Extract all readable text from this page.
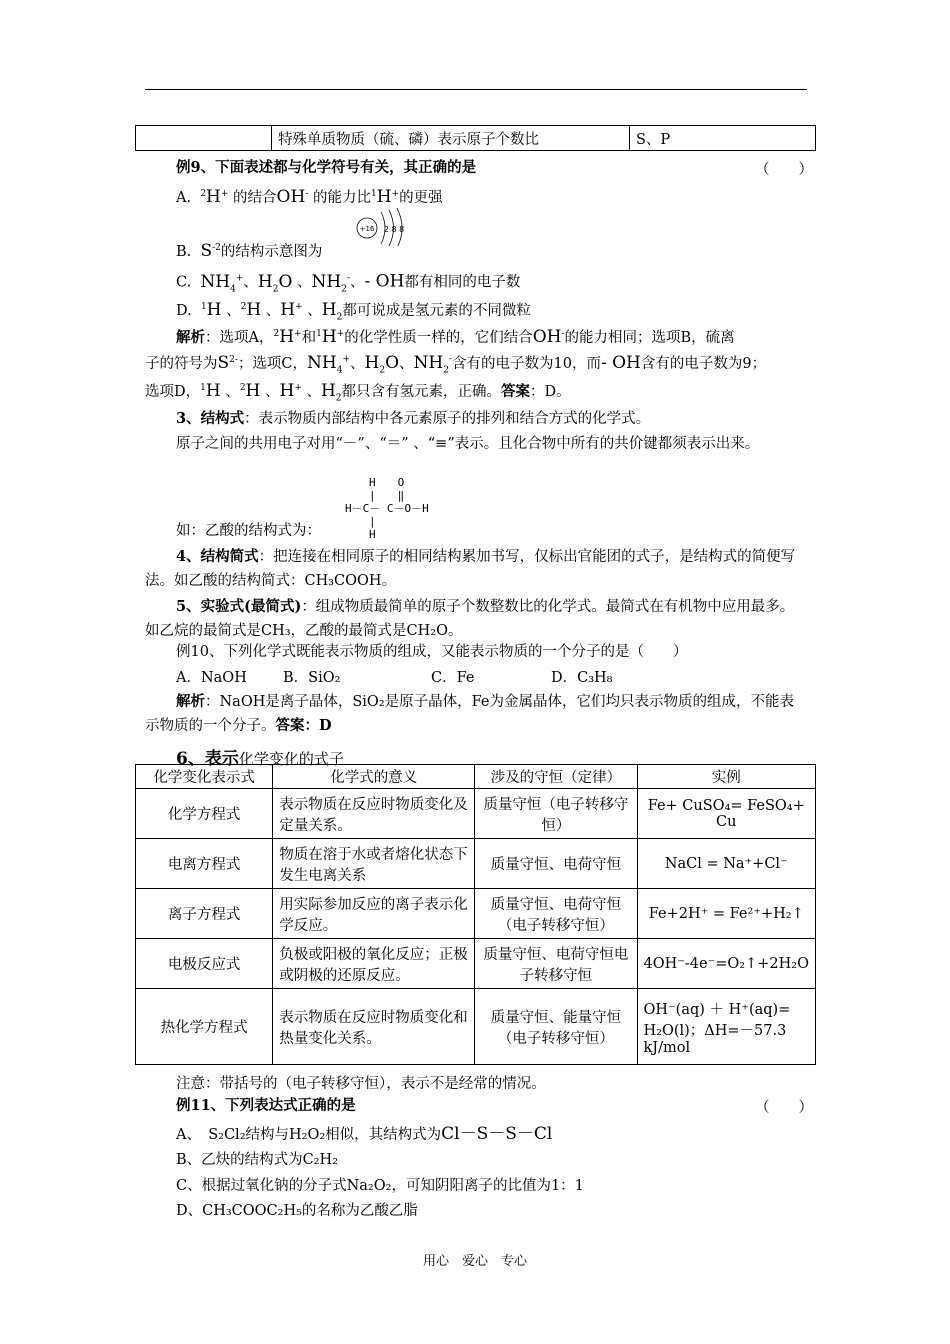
	特殊单质物质（硫、磷）表示原子个数比	S、P
例9、下面表述都与化学符号有关，其正确的是	（　　）
A. $^2$H+ 的结合OH- 的能力比$^1$H+的更强
+16 2 8 8
B. $S^{-2}$的结构示意图为
C. $NH_4^+$、$H_2O$ 、$NH_2^-$、- OH都有相同的电子数
D. $^1$H 、$^2$H 、H+ 、$H_2$都可说成是氢元素的不同微粒
解析：选项A，$^2$H+和$^1$H+的化学性质一样的，它们结合OH-的能力相同；选项B，硫离
子的符号为$S^{2-}$；选项C，$NH_4^+$、$H_2O$、$NH_2^-$含有的电子数为10，而- OH含有的电子数为9；
选项D，$^1$H 、$^2$H 、H+ 、$H_2$都只含有氢元素，正确。答案：D。
3、结构式：表示物质内部结构中各元素原子的排列和结合方式的化学式。
原子之间的共用电子对用“－”、“＝” 、“≡”表示。且化合物中所有的共价键都须表示出来。
H　　O
|　　‖
H－C－ C－O－H
|
H
如：乙酸的结构式为：
4、结构简式：把连接在相同原子的相同结构累加书写，仅标出官能团的式子，是结构式的简便写法。如乙酸的结构简式：CH₃COOH。
5、实验式(最简式)：组成物质最简单的原子个数整数比的化学式。最简式在有机物中应用最多。如乙烷的最简式是CH₃，乙酸的最简式是CH₂O。
例10、下列化学式既能表示物质的组成，又能表示物质的一个分子的是（　　）
A．NaOH B．SiO₂	C．Fe	D．C₃H₈
解析：NaOH是离子晶体，SiO₂是原子晶体，Fe为金属晶体，它们均只表示物质的组成，不能表示物质的一个分子。答案：D
6、表示化学变化的式子
化学变化表示式	化学式的意义	涉及的守恒（定律）	实例
化学方程式	表示物质在反应时物质变化及定量关系。	质量守恒（电子转移守恒）	Fe+ CuSO₄= FeSO₄+ Cu
电离方程式	物质在溶于水或者熔化状态下发生电离关系	质量守恒、电荷守恒	NaCl = Na⁺+Cl⁻
离子方程式	用实际参加反应的离子表示化学反应。	质量守恒、电荷守恒（电子转移守恒）	Fe+2H⁺ = Fe²⁺+H₂↑
电极反应式	负极或阳极的氧化反应；正极或阴极的还原反应。	质量守恒、电荷守恒电子转移守恒	4OH⁻-4e⁻=O₂↑+2H₂O
热化学方程式	表示物质在反应时物质变化和热量变化关系。	质量守恒、能量守恒（电子转移守恒）	OH⁻(aq) ＋ H⁺(aq)= H₂O(l)；ΔH=－57.3 kJ/mol
注意：带括号的（电子转移守恒），表示不是经常的情况。
例11、下列表达式正确的是	（　　）
A、　S₂Cl₂结构与H₂O₂相似，其结构式为Cl－S－S－Cl
B、乙炔的结构式为C₂H₂
C、根据过氧化钠的分子式Na₂O₂，可知阴阳离子的比值为1：1
D、CH₃COOC₂H₅的名称为乙酸乙脂
用心　爱心　专心
